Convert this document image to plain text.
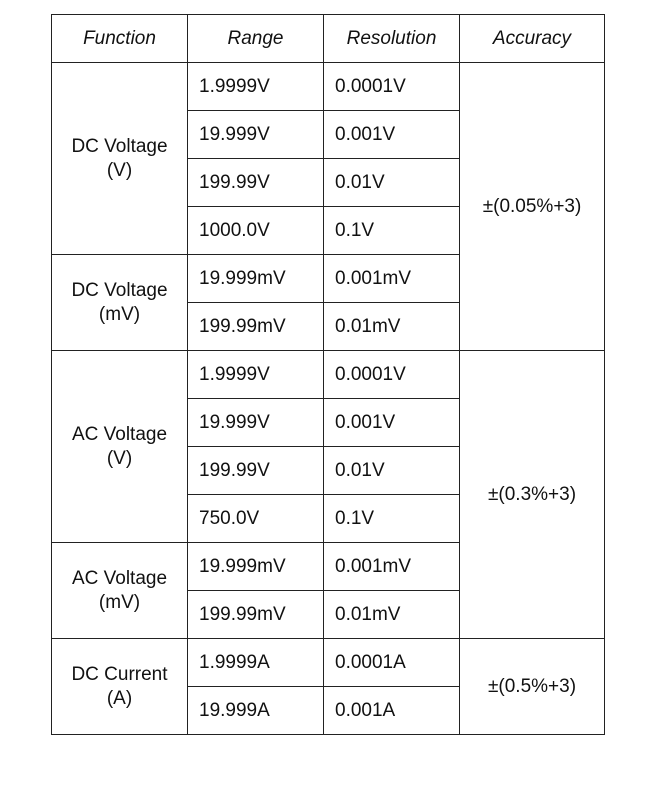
Function	Range	Resolution	Accuracy

DC Voltage
(V)	1.9999V	0.0001V	±(0.05%+3)
	19.999V	0.001V	
	199.99V	0.01V	
	1000.0V	0.1V	

DC Voltage
(mV)	19.999mV	0.001mV	
	199.99mV	0.01mV	

AC Voltage
(V)	1.9999V	0.0001V	±(0.3%+3)
	19.999V	0.001V	
	199.99V	0.01V	
	750.0V	0.1V	

AC Voltage
(mV)	19.999mV	0.001mV	
	199.99mV	0.01mV	

DC Current
(A)	1.9999A	0.0001A	±(0.5%+3)
	19.999A	0.001A	
